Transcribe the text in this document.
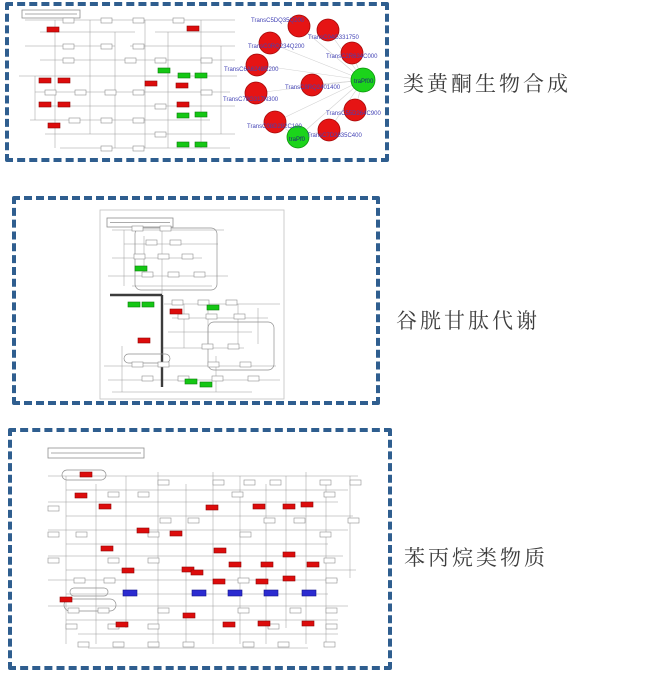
TransC5DQ35Q200
TransC04G331750
TransC0RQ234Q200
TransC2R634C000
TransC6A6248R200
TransC8RQ2401400
TransC78G317N300
TransC55D264C900
TransC08D282C100
TransC7D2835C400
traPf00
traPf0
类黄酮生物合成
谷胱甘肽代谢
苯丙烷类物质
